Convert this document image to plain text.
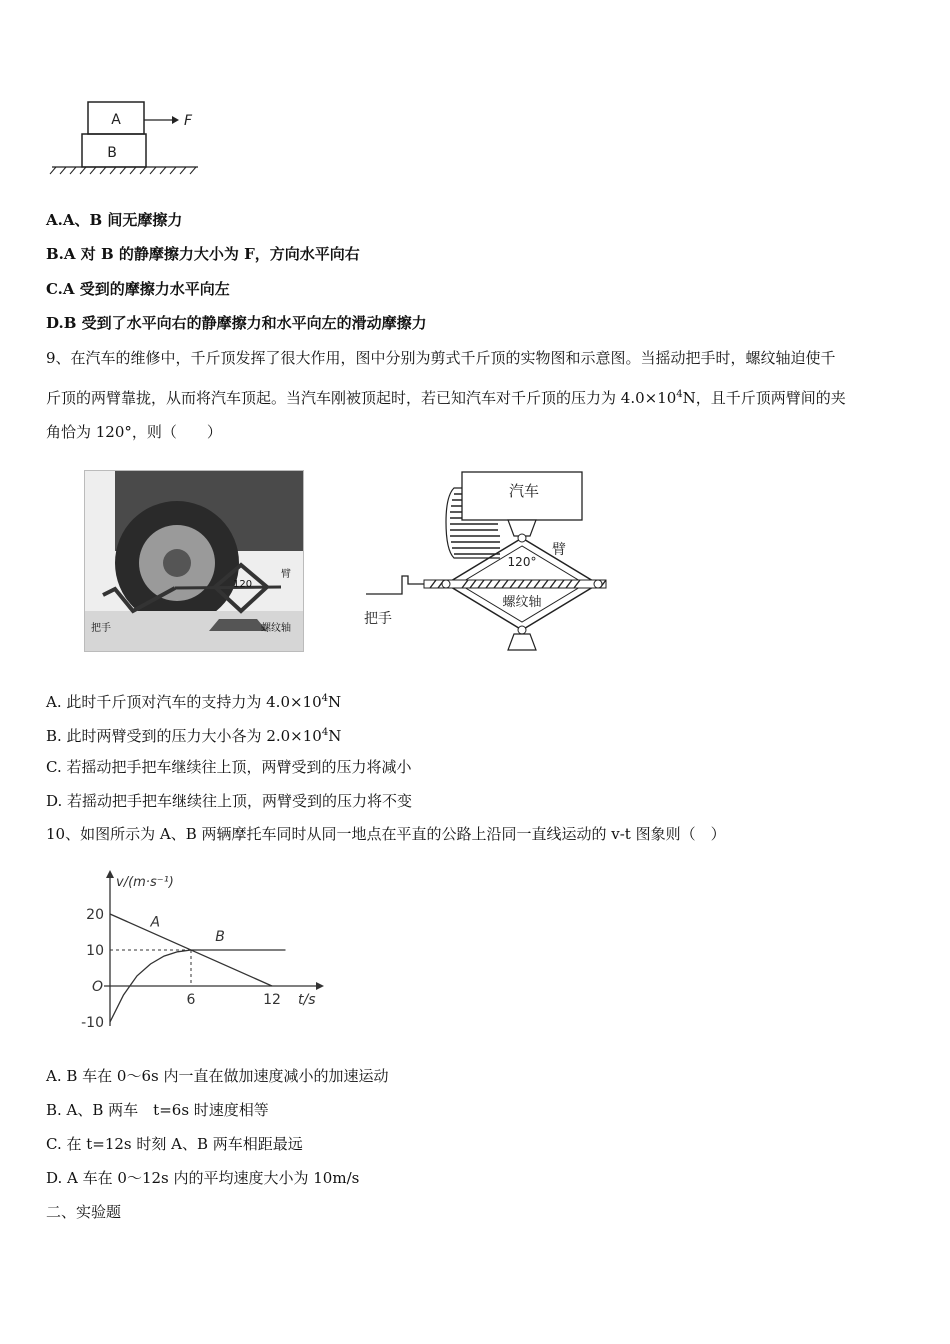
A
B
F
A.A、B 间无摩擦力
B.A 对 B 的静摩擦力大小为 F，方向水平向右
C.A 受到的摩擦力水平向左
D.B 受到了水平向右的静摩擦力和水平向左的滑动摩擦力
9、在汽车的维修中，千斤顶发挥了很大作用，图中分别为剪式千斤顶的实物图和示意图。当摇动把手时，螺纹轴迫使千
斤顶的两臂靠拢，从而将汽车顶起。当汽车刚被顶起时，若已知汽车对千斤顶的压力为 $4.0\times 10^4N$，且千斤顶两臂间的夹
角恰为 120°，则（　　）
120
臂
把手	螺纹轴
汽车
120°
臂
螺纹轴
把手
A. 此时千斤顶对汽车的支持力为 $4.0\times 10^4N$
B. 此时两臂受到的压力大小各为 $2.0\times 10^4N$
C. 若摇动把手把车继续往上顶，两臂受到的压力将减小
D. 若摇动把手把车继续往上顶，两臂受到的压力将不变
10、如图所示为 A、B 两辆摩托车同时从同一地点在平直的公路上沿同一直线运动的 v-t 图象则（　）
v/(m·s⁻¹)
t/s
O
20
10
-10
6	12
A
B
A. B 车在 0～6s 内一直在做加速度减小的加速运动
B. A、B 两车　t=6s 时速度相等
C. 在 t=12s 时刻 A、B 两车相距最远
D. A 车在 0～12s 内的平均速度大小为 10m/s
二、实验题
